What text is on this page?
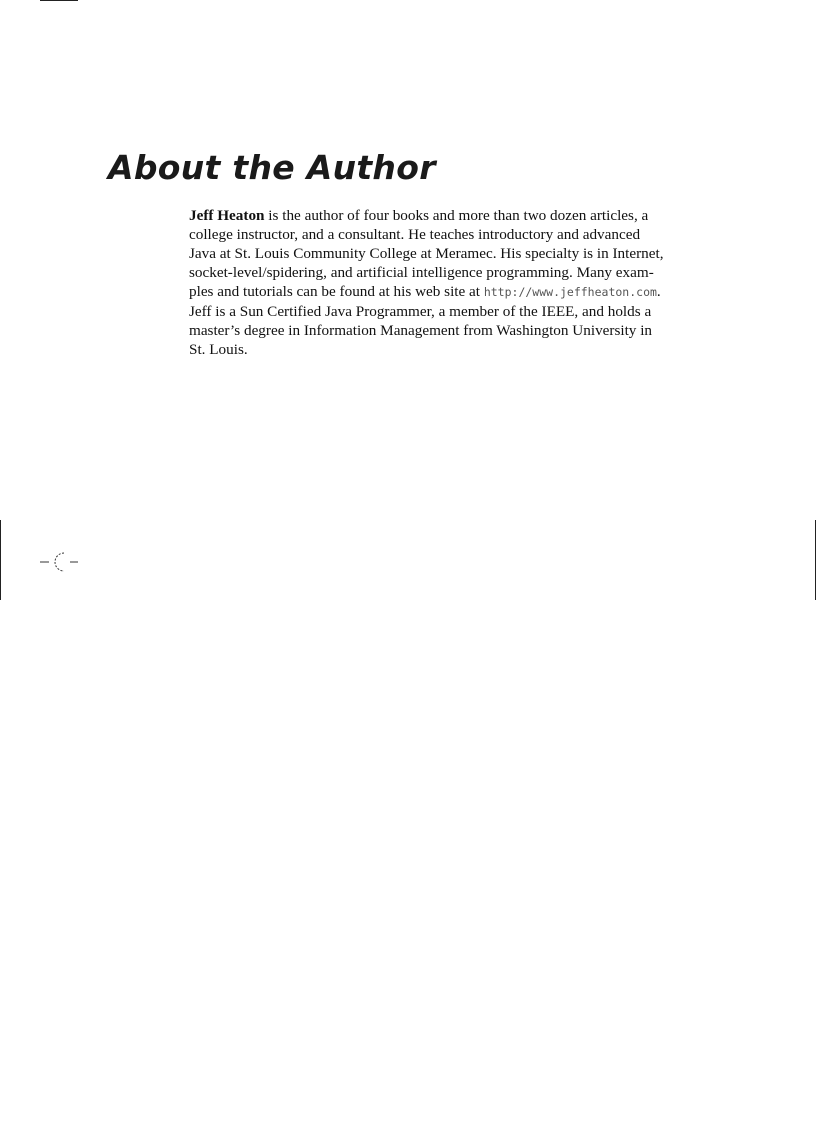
About the Author

Jeff Heaton is the author of four books and more than two dozen articles, a
college instructor, and a consultant. He teaches introductory and advanced
Java at St. Louis Community College at Meramec. His specialty is in Internet,
socket-level/spidering, and artificial intelligence programming. Many exam-
ples and tutorials can be found at his web site at http://www.jeffheaton.com.
Jeff is a Sun Certified Java Programmer, a member of the IEEE, and holds a
master’s degree in Information Management from Washington University in
St. Louis.
